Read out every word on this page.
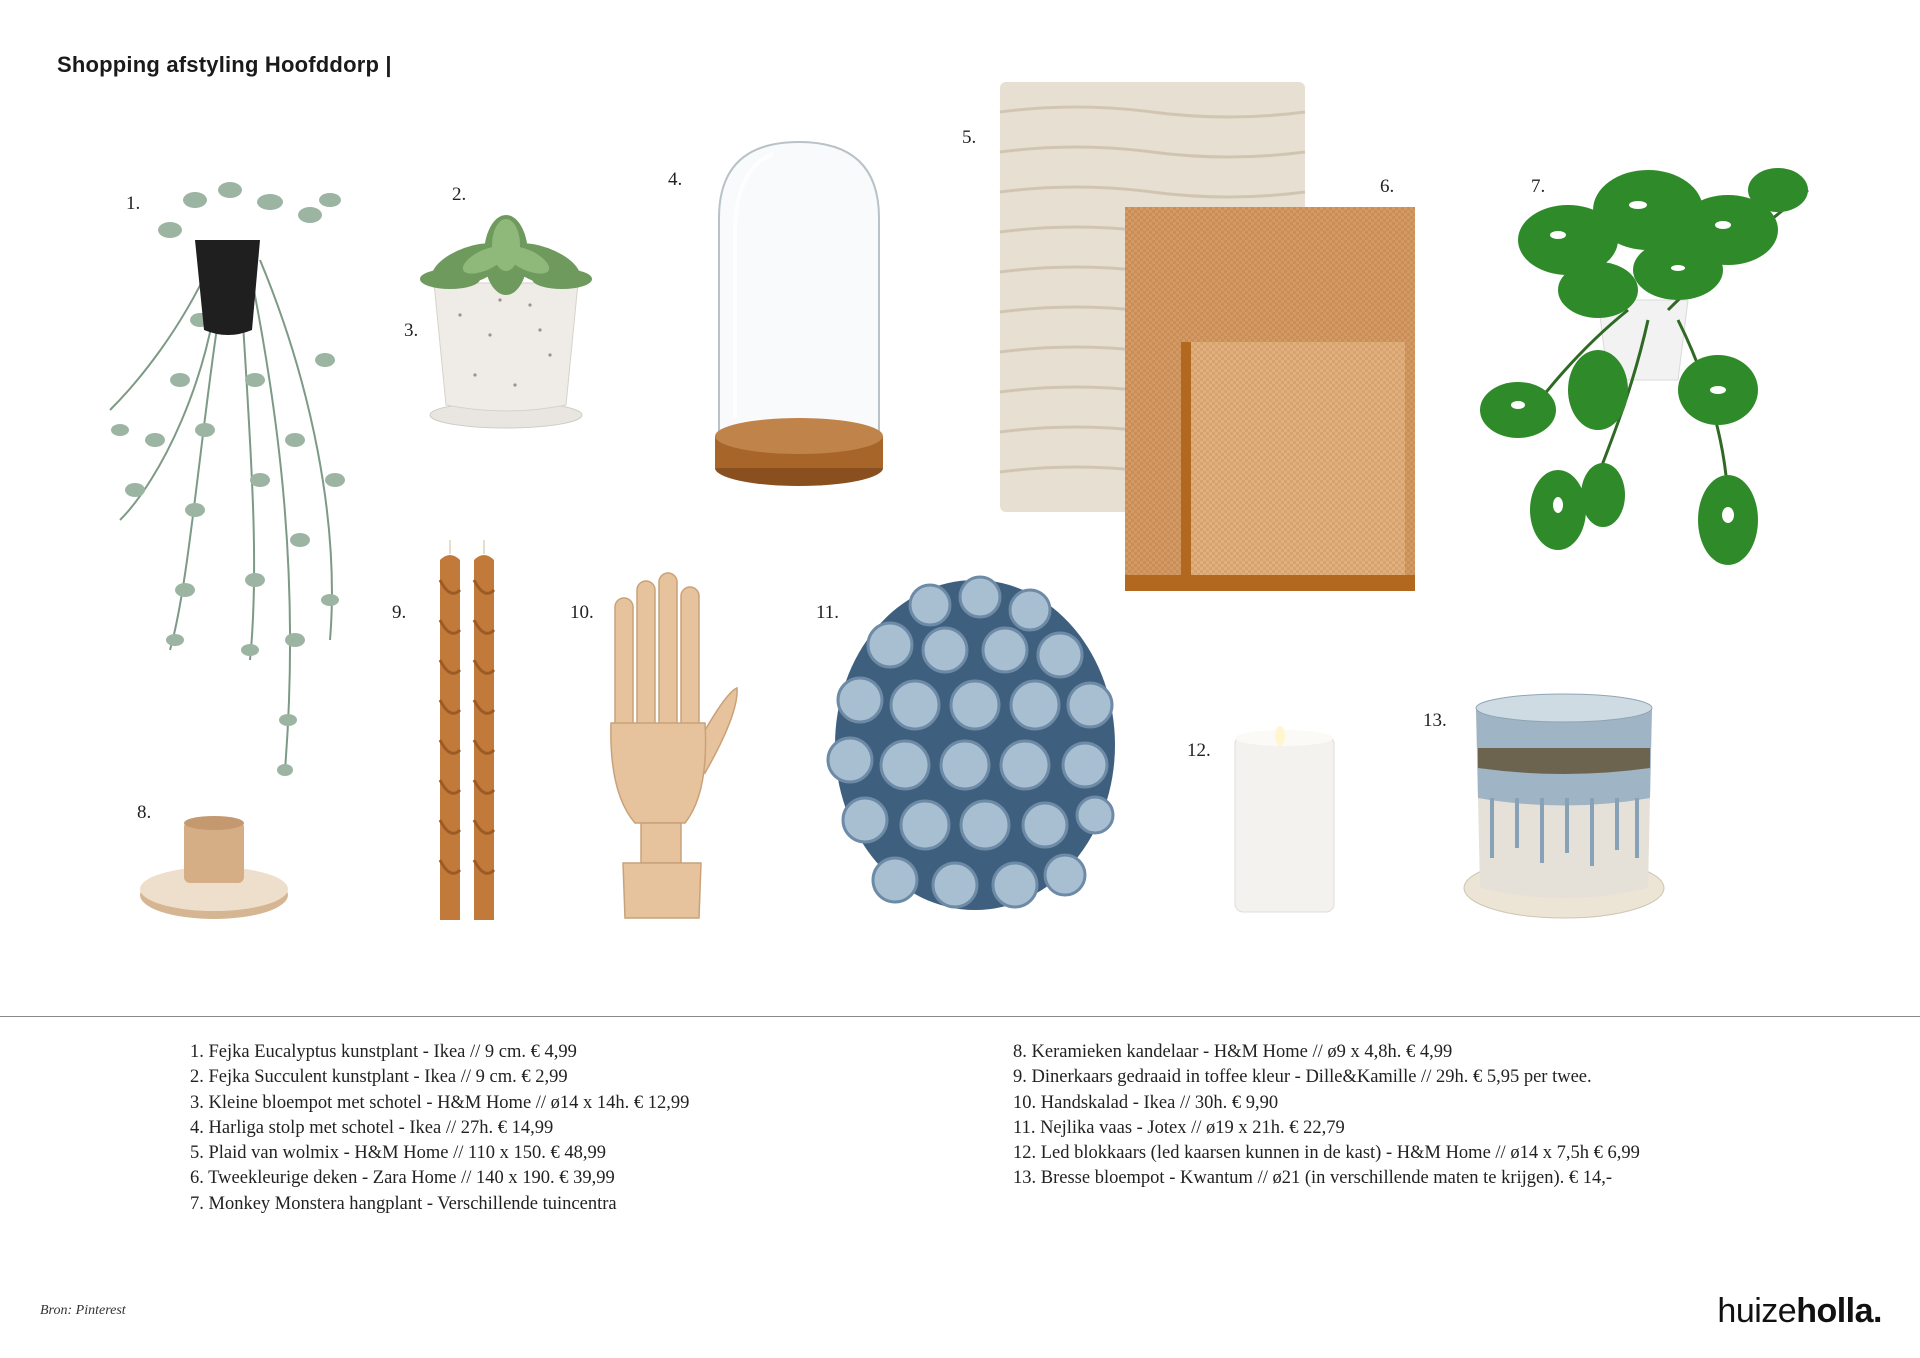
Shopping afstyling Hoofddorp |
1.	2.
3.
4.
5.
6.	7.
8.
9.	10.	11.
12.
13.
1. Fejka Eucalyptus kunstplant - Ikea // 9 cm. € 4,99
2. Fejka Succulent kunstplant - Ikea // 9 cm. € 2,99
3. Kleine bloempot met schotel - H&M Home // ø14 x 14h. € 12,99
4. Harliga stolp met schotel - Ikea // 27h. € 14,99
5. Plaid van wolmix - H&M Home // 110 x 150. € 48,99
6. Tweekleurige deken - Zara Home // 140 x 190. € 39,99
7. Monkey Monstera hangplant - Verschillende tuincentra
8. Keramieken kandelaar - H&M Home // ø9 x 4,8h. € 4,99
9. Dinerkaars gedraaid in toffee kleur - Dille&Kamille // 29h. € 5,95 per twee.
10. Handskalad - Ikea // 30h. € 9,90
11. Nejlika vaas - Jotex // ø19 x 21h. € 22,79
12. Led blokkaars (led kaarsen kunnen in de kast) - H&M Home // ø14 x 7,5h € 6,99
13. Bresse bloempot - Kwantum // ø21 (in verschillende maten te krijgen). € 14,-
Bron: Pinterest	huizeholla.
